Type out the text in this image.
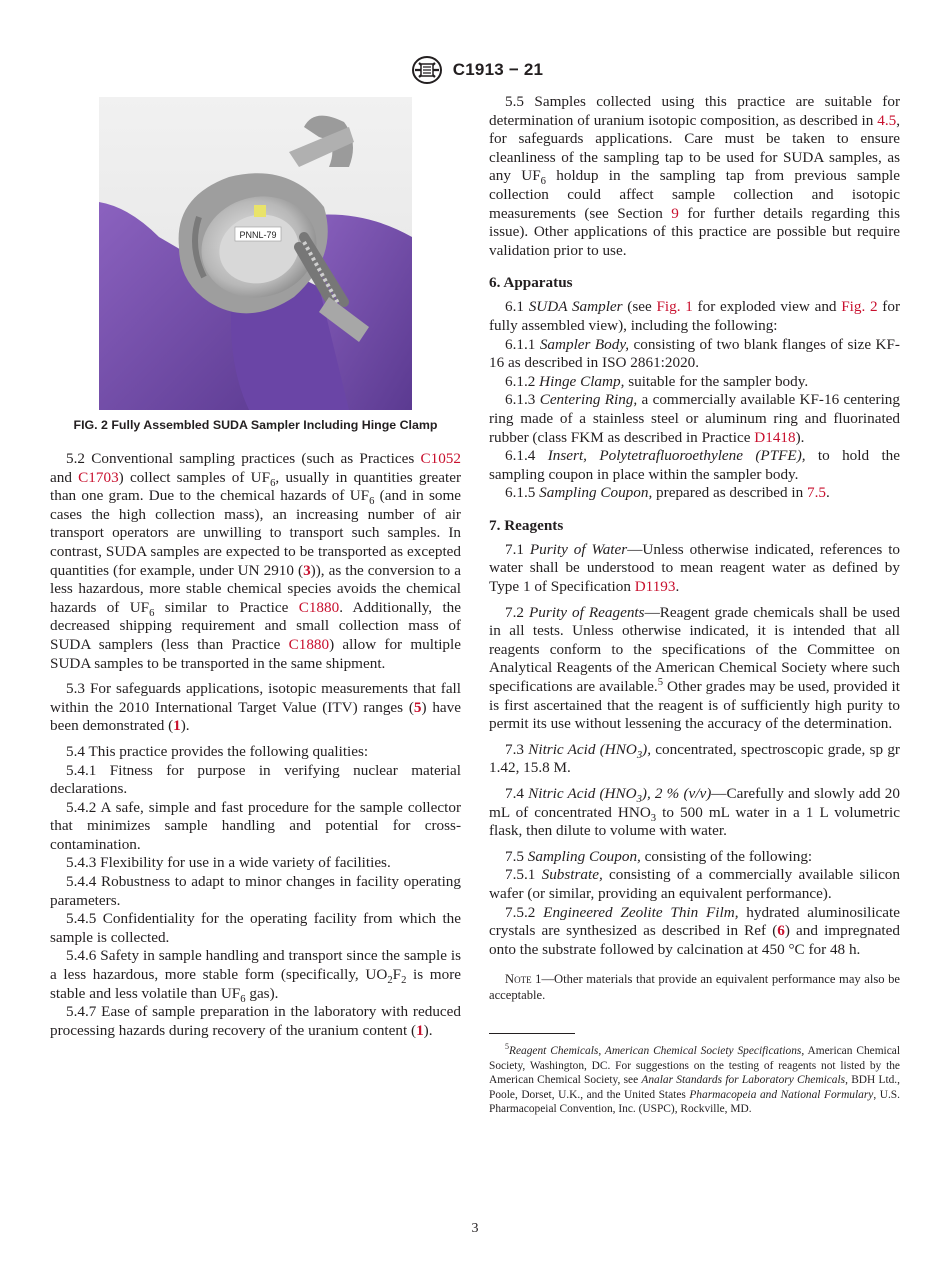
C1913 − 21
PNNL-79
FIG. 2 Fully Assembled SUDA Sampler Including Hinge Clamp

5.2 Conventional sampling practices (such as Practices C1052 and C1703) collect samples of $UF_6$, usually in quantities greater than one gram. Due to the chemical hazards of $UF_6$ (and in some cases the high collection mass), an increasing number of air transport operators are unwilling to transport such samples. In contrast, SUDA samples are expected to be transported as excepted quantities (for example, under UN 2910 (3)), as the conversion to a less hazardous, more stable chemical species avoids the chemical hazards of $UF_6$ similar to Practice C1880. Additionally, the decreased shipping requirement and small collection mass of SUDA samplers (less than Practice C1880) allow for multiple SUDA samples to be transported in the same shipment.

5.3 For safeguards applications, isotopic measurements that fall within the 2010 International Target Value (ITV) ranges (5) have been demonstrated (1).

5.4 This practice provides the following qualities:

5.4.1 Fitness for purpose in verifying nuclear material declarations.

5.4.2 A safe, simple and fast procedure for the sample collector that minimizes sample handling and potential for cross-contamination.

5.4.3 Flexibility for use in a wide variety of facilities.

5.4.4 Robustness to adapt to minor changes in facility operating parameters.

5.4.5 Confidentiality for the operating facility from which the sample is collected.

5.4.6 Safety in sample handling and transport since the sample is a less hazardous, more stable form (specifically, $UO_2F_2$ is more stable and less volatile than $UF_6$ gas).

5.4.7 Ease of sample preparation in the laboratory with reduced processing hazards during recovery of the uranium content (1).

5.5 Samples collected using this practice are suitable for determination of uranium isotopic composition, as described in 4.5, for safeguards applications. Care must be taken to ensure cleanliness of the sampling tap to be used for SUDA samples, as any $UF_6$ holdup in the sampling tap from previous sample collection could affect sample collection and isotopic measurements (see Section 9 for further details regarding this issue). Other applications of this practice are possible but require validation prior to use.

6. Apparatus

6.1 SUDA Sampler (see Fig. 1 for exploded view and Fig. 2 for fully assembled view), including the following:

6.1.1 Sampler Body, consisting of two blank flanges of size KF-16 as described in ISO 2861:2020.

6.1.2 Hinge Clamp, suitable for the sampler body.

6.1.3 Centering Ring, a commercially available KF-16 centering ring made of a stainless steel or aluminum ring and fluorinated rubber (class FKM as described in Practice D1418).

6.1.4 Insert, Polytetrafluoroethylene (PTFE), to hold the sampling coupon in place within the sampler body.

6.1.5 Sampling Coupon, prepared as described in 7.5.

7. Reagents

7.1 Purity of Water—Unless otherwise indicated, references to water shall be understood to mean reagent water as defined by Type 1 of Specification D1193.

7.2 Purity of Reagents—Reagent grade chemicals shall be used in all tests. Unless otherwise indicated, it is intended that all reagents conform to the specifications of the Committee on Analytical Reagents of the American Chemical Society where such specifications are available.$^5$ Other grades may be used, provided it is first ascertained that the reagent is of sufficiently high purity to permit its use without lessening the accuracy of the determination.

7.3 Nitric Acid $(HNO_3)$, concentrated, spectroscopic grade, sp gr 1.42, 15.8 M.

7.4 Nitric Acid $(HNO_3)$, 2 % (v/v)—Carefully and slowly add 20 mL of concentrated $HNO_3$ to 500 mL water in a 1 L volumetric flask, then dilute to volume with water.

7.5 Sampling Coupon, consisting of the following:

7.5.1 Substrate, consisting of a commercially available silicon wafer (or similar, providing an equivalent performance).

7.5.2 Engineered Zeolite Thin Film, hydrated aluminosilicate crystals are synthesized as described in Ref (6) and impregnated onto the substrate followed by calcination at 450 °C for 48 h.

Note 1—Other materials that provide an equivalent performance may also be acceptable.
$^5$Reagent Chemicals, American Chemical Society Specifications, American Chemical Society, Washington, DC. For suggestions on the testing of reagents not listed by the American Chemical Society, see Analar Standards for Laboratory Chemicals, BDH Ltd., Poole, Dorset, U.K., and the United States Pharmacopeia and National Formulary, U.S. Pharmacopeial Convention, Inc. (USPC), Rockville, MD.
3
